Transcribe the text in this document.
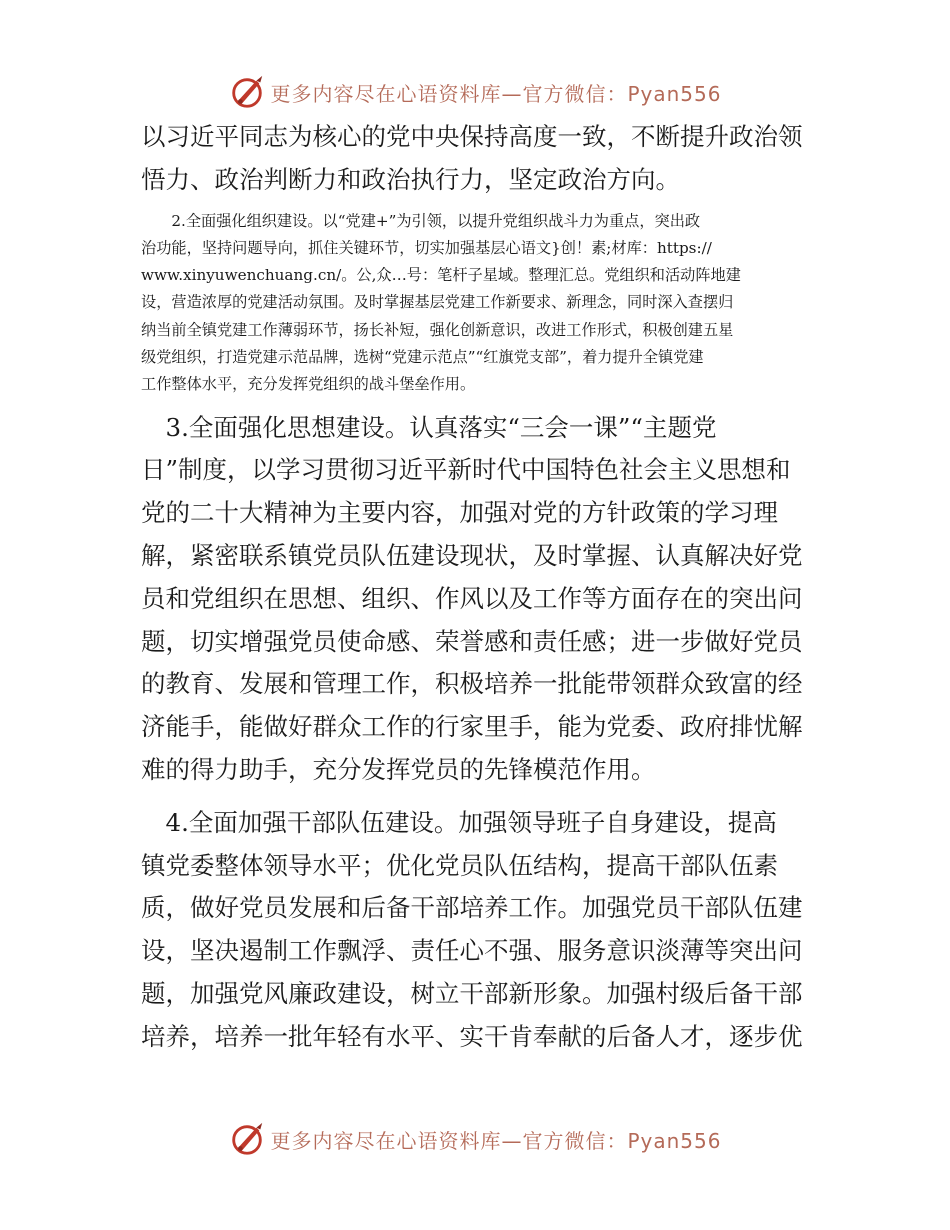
更多内容尽在心语资料库—官方微信：Pyan556
以习近平同志为核心的党中央保持高度一致，不断提升政治领
悟力、政治判断力和政治执行力，坚定政治方向。
　　2.全面强化组织建设。以“党建+”为引领，以提升党组织战斗力为重点，突出政
治功能，坚持问题导向，抓住关键环节，切实加强基层心语文}创！素;材库：https://
www.xinyuwenchuang.cn/。公,众…号：笔杆子星域。整理汇总。党组织和活动阵地建
设，营造浓厚的党建活动氛围。及时掌握基层党建工作新要求、新理念，同时深入查摆归
纳当前全镇党建工作薄弱环节，扬长补短，强化创新意识，改进工作形式，积极创建五星
级党组织，打造党建示范品牌，选树“党建示范点”“红旗党支部”，着力提升全镇党建
工作整体水平，充分发挥党组织的战斗堡垒作用。
　3.全面强化思想建设。认真落实“三会一课”“主题党
日”制度，以学习贯彻习近平新时代中国特色社会主义思想和
党的二十大精神为主要内容，加强对党的方针政策的学习理
解，紧密联系镇党员队伍建设现状，及时掌握、认真解决好党
员和党组织在思想、组织、作风以及工作等方面存在的突出问
题，切实增强党员使命感、荣誉感和责任感；进一步做好党员
的教育、发展和管理工作，积极培养一批能带领群众致富的经
济能手，能做好群众工作的行家里手，能为党委、政府排忧解
难的得力助手，充分发挥党员的先锋模范作用。
　4.全面加强干部队伍建设。加强领导班子自身建设，提高
镇党委整体领导水平；优化党员队伍结构，提高干部队伍素
质，做好党员发展和后备干部培养工作。加强党员干部队伍建
设，坚决遏制工作飘浮、责任心不强、服务意识淡薄等突出问
题，加强党风廉政建设，树立干部新形象。加强村级后备干部
培养，培养一批年轻有水平、实干肯奉献的后备人才，逐步优
更多内容尽在心语资料库—官方微信：Pyan556
